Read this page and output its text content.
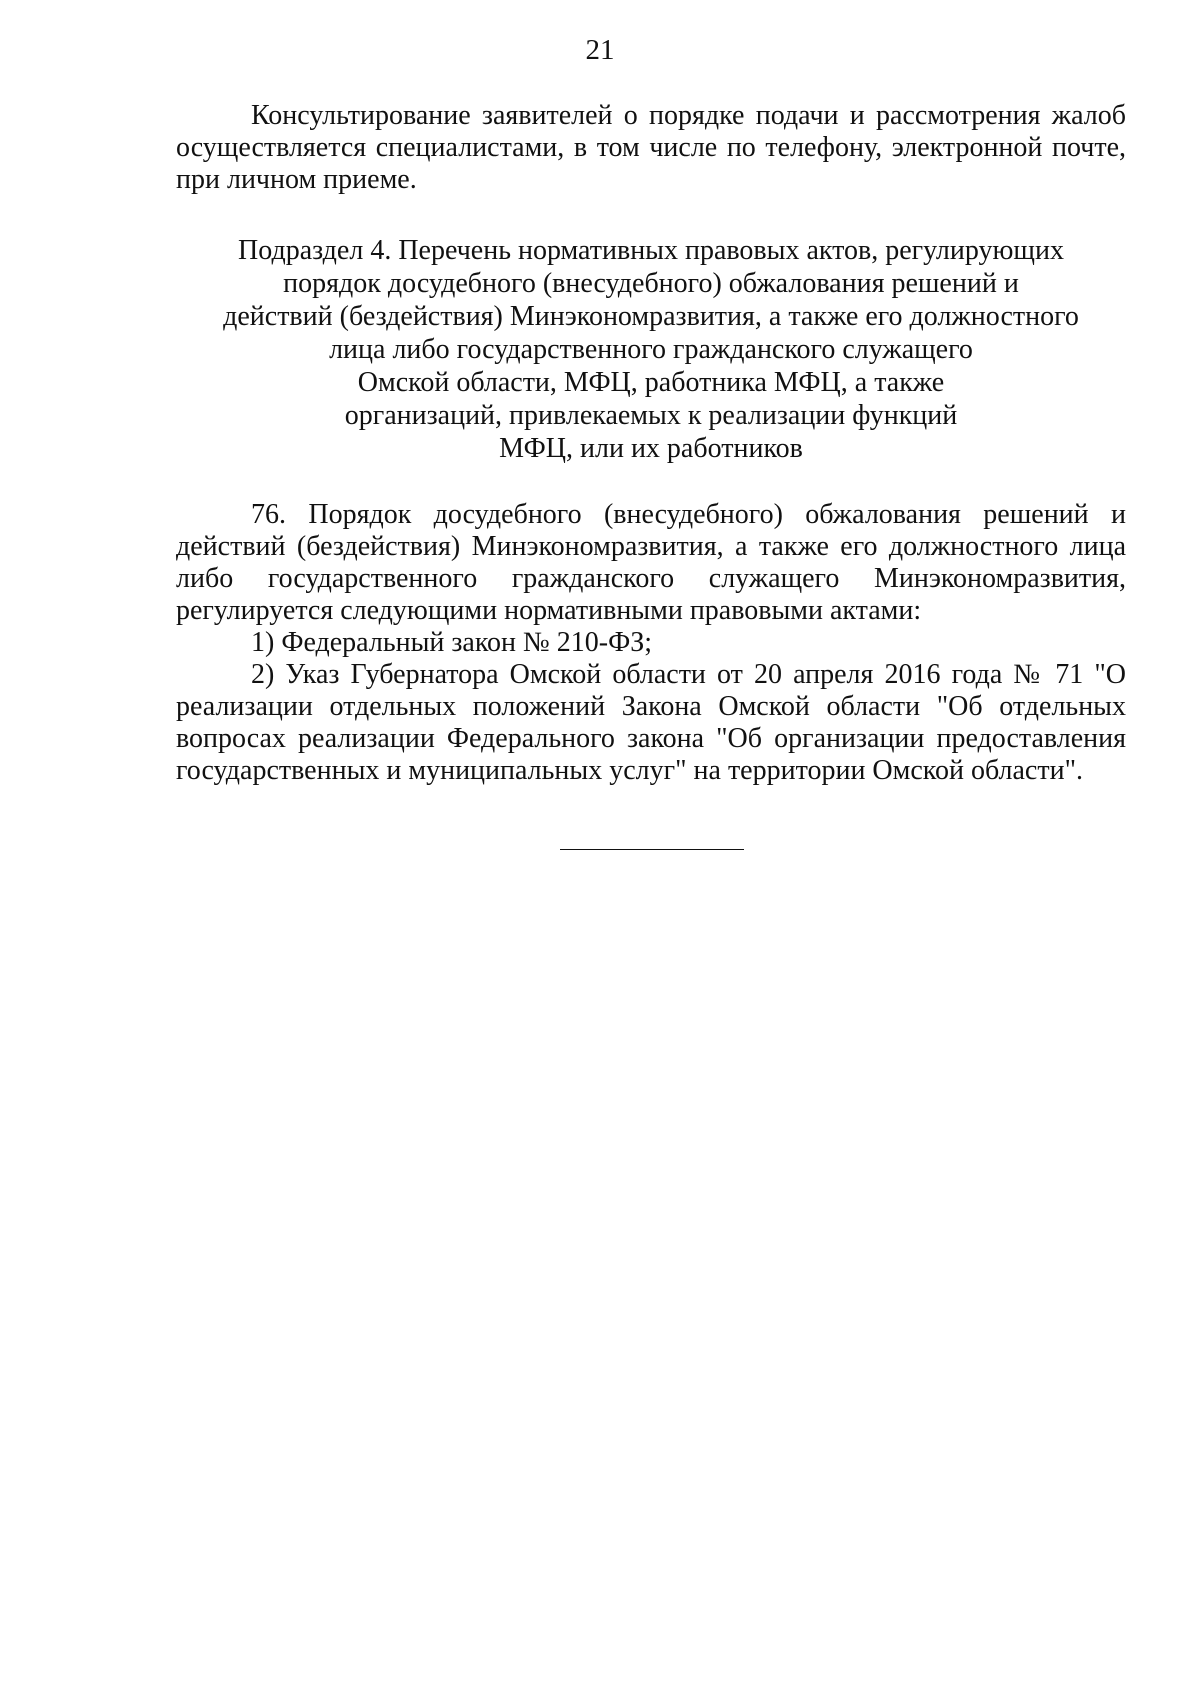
21

Консультирование заявителей о порядке подачи и рассмотрения жалоб осуществляется специалистами, в том числе по телефону, электронной почте, при личном приеме.

Подраздел 4. Перечень нормативных правовых актов, регулирующих
порядок досудебного (внесудебного) обжалования решений и
действий (бездействия) Минэкономразвития, а также его должностного
лица либо государственного гражданского служащего
Омской области, МФЦ, работника МФЦ, а также
организаций, привлекаемых к реализации функций
МФЦ, или их работников

76. Порядок досудебного (внесудебного) обжалования решений и действий (бездействия) Минэкономразвития, а также его должностного лица либо государственного гражданского служащего Минэкономразвития, регулируется следующими нормативными правовыми актами:

1) Федеральный закон № 210-ФЗ;

2) Указ Губернатора Омской области от 20 апреля 2016 года № 71 "О реализации отдельных положений Закона Омской области "Об отдельных вопросах реализации Федерального закона "Об организации предоставления государственных и муниципальных услуг" на территории Омской области".
